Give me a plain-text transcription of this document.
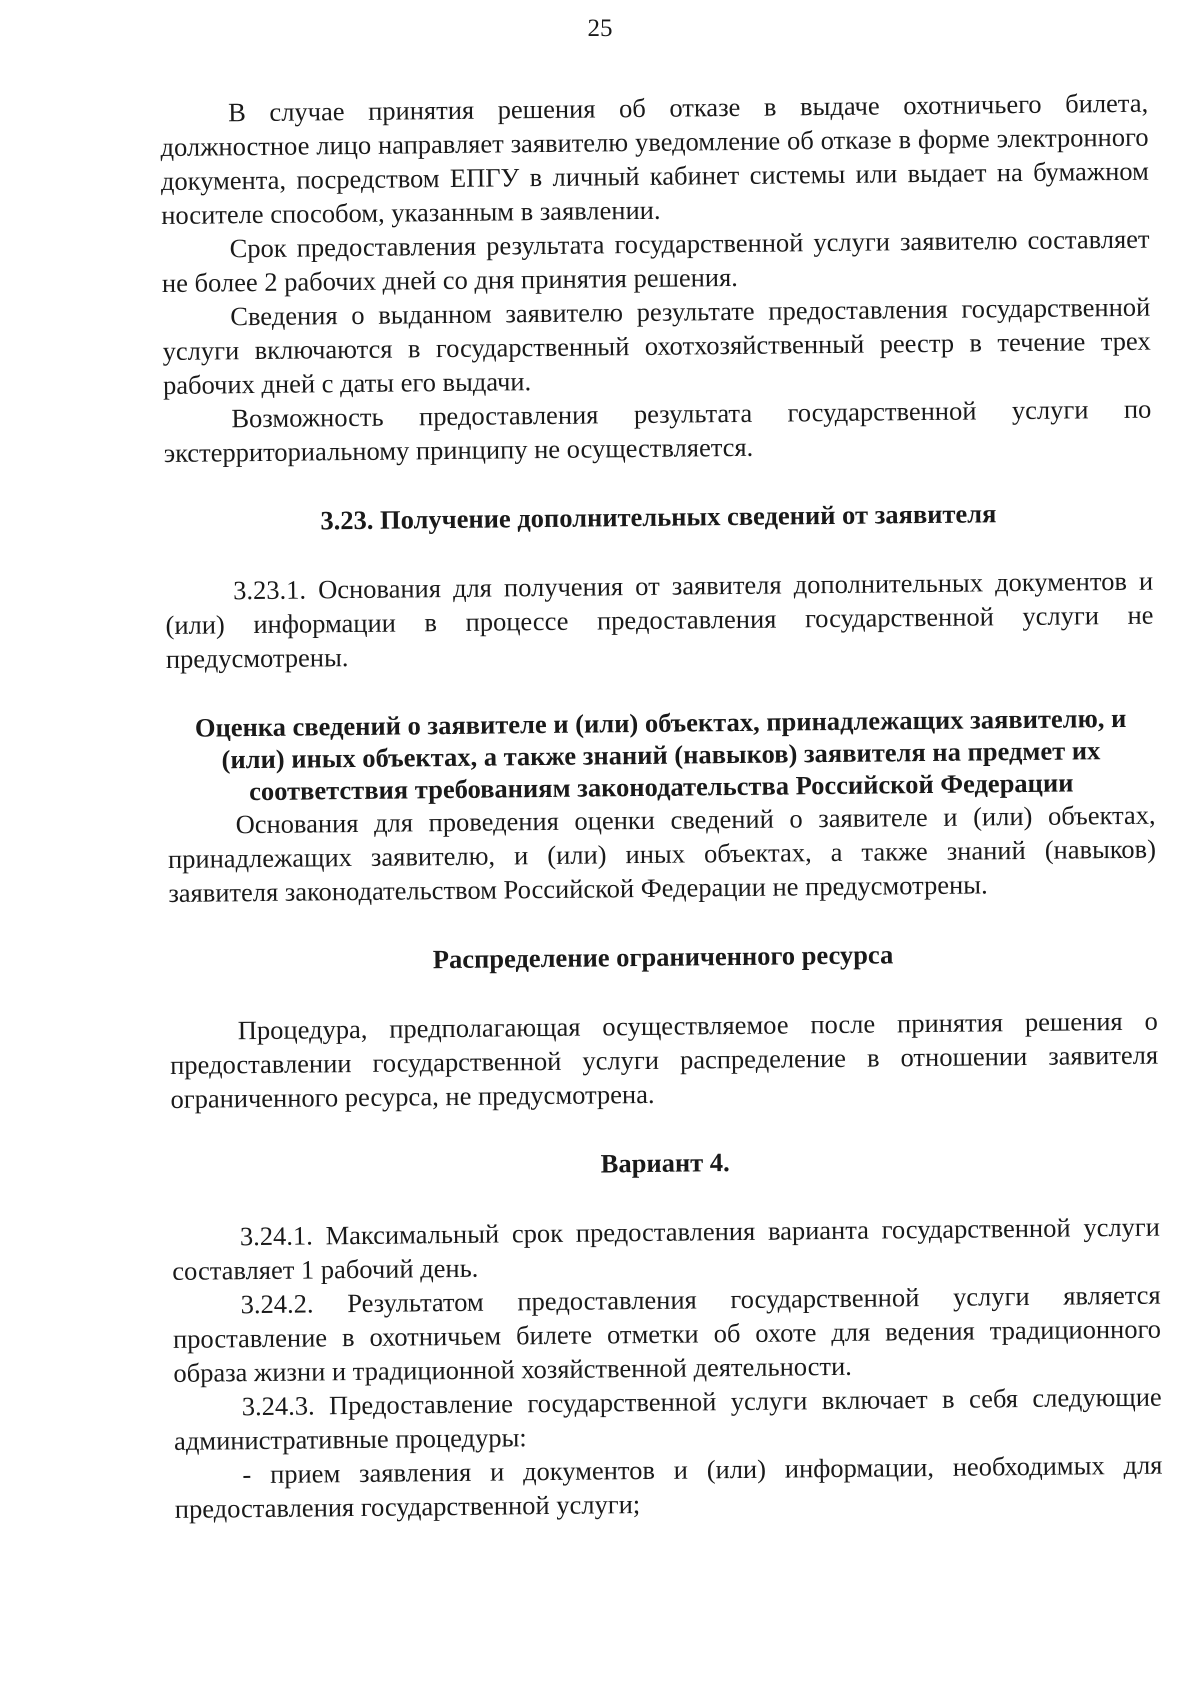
25

В случае принятия решения об отказе в выдаче охотничьего билета, должностное лицо направляет заявителю уведомление об отказе в форме электронного документа, посредством ЕПГУ в личный кабинет системы или выдает на бумажном носителе способом, указанным в заявлении.

Срок предоставления результата государственной услуги заявителю составляет не более 2 рабочих дней со дня принятия решения.

Сведения о выданном заявителю результате предоставления государственной услуги включаются в государственный охотхозяйственный реестр в течение трех рабочих дней с даты его выдачи.

Возможность предоставления результата государственной услуги по экстерриториальному принципу не осуществляется.

3.23. Получение дополнительных сведений от заявителя

3.23.1. Основания для получения от заявителя дополнительных документов и (или) информации в процессе предоставления государственной услуги не предусмотрены.

Оценка сведений о заявителе и (или) объектах, принадлежащих заявителю, и (или) иных объектах, а также знаний (навыков) заявителя на предмет их соответствия требованиям законодательства Российской Федерации

Основания для проведения оценки сведений о заявителе и (или) объектах, принадлежащих заявителю, и (или) иных объектах, а также знаний (навыков) заявителя законодательством Российской Федерации не предусмотрены.

Распределение ограниченного ресурса

Процедура, предполагающая осуществляемое после принятия решения о предоставлении государственной услуги распределение в отношении заявителя ограниченного ресурса, не предусмотрена.

Вариант 4.

3.24.1. Максимальный срок предоставления варианта государственной услуги составляет 1 рабочий день.

3.24.2. Результатом предоставления государственной услуги является проставление в охотничьем билете отметки об охоте для ведения традиционного образа жизни и традиционной хозяйственной деятельности.

3.24.3. Предоставление государственной услуги включает в себя следующие административные процедуры:

- прием заявления и документов и (или) информации, необходимых для предоставления государственной услуги;
